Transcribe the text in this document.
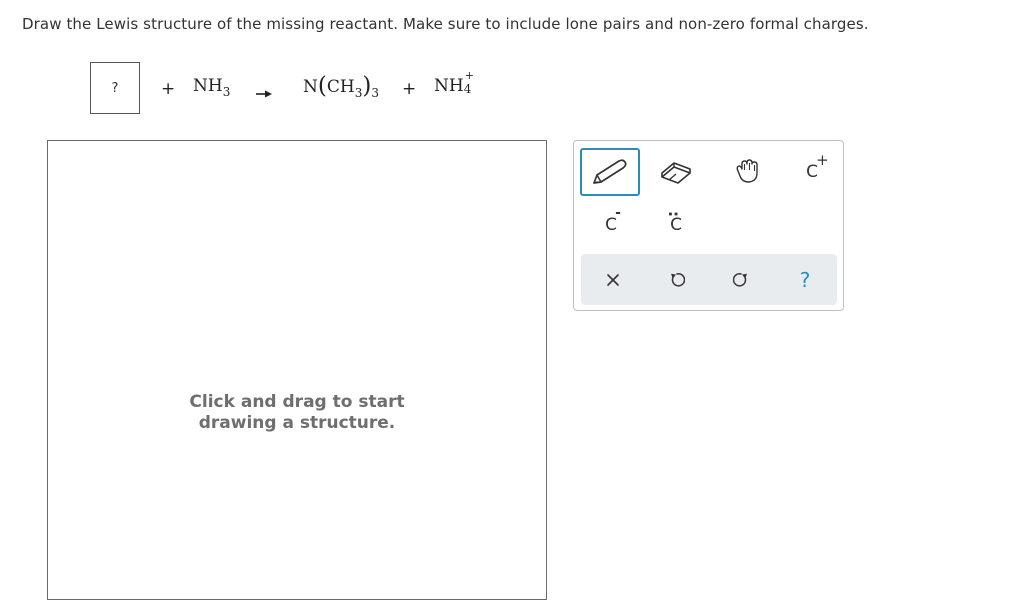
Draw the Lewis structure of the missing reactant. Make sure to include lone pairs and non-zero formal charges.
?	+ $NH_3$	$N(CH_3)_3$ + NH
+
4
Click and drag to start
drawing a structure.
C
+
C
-	:
C
?
